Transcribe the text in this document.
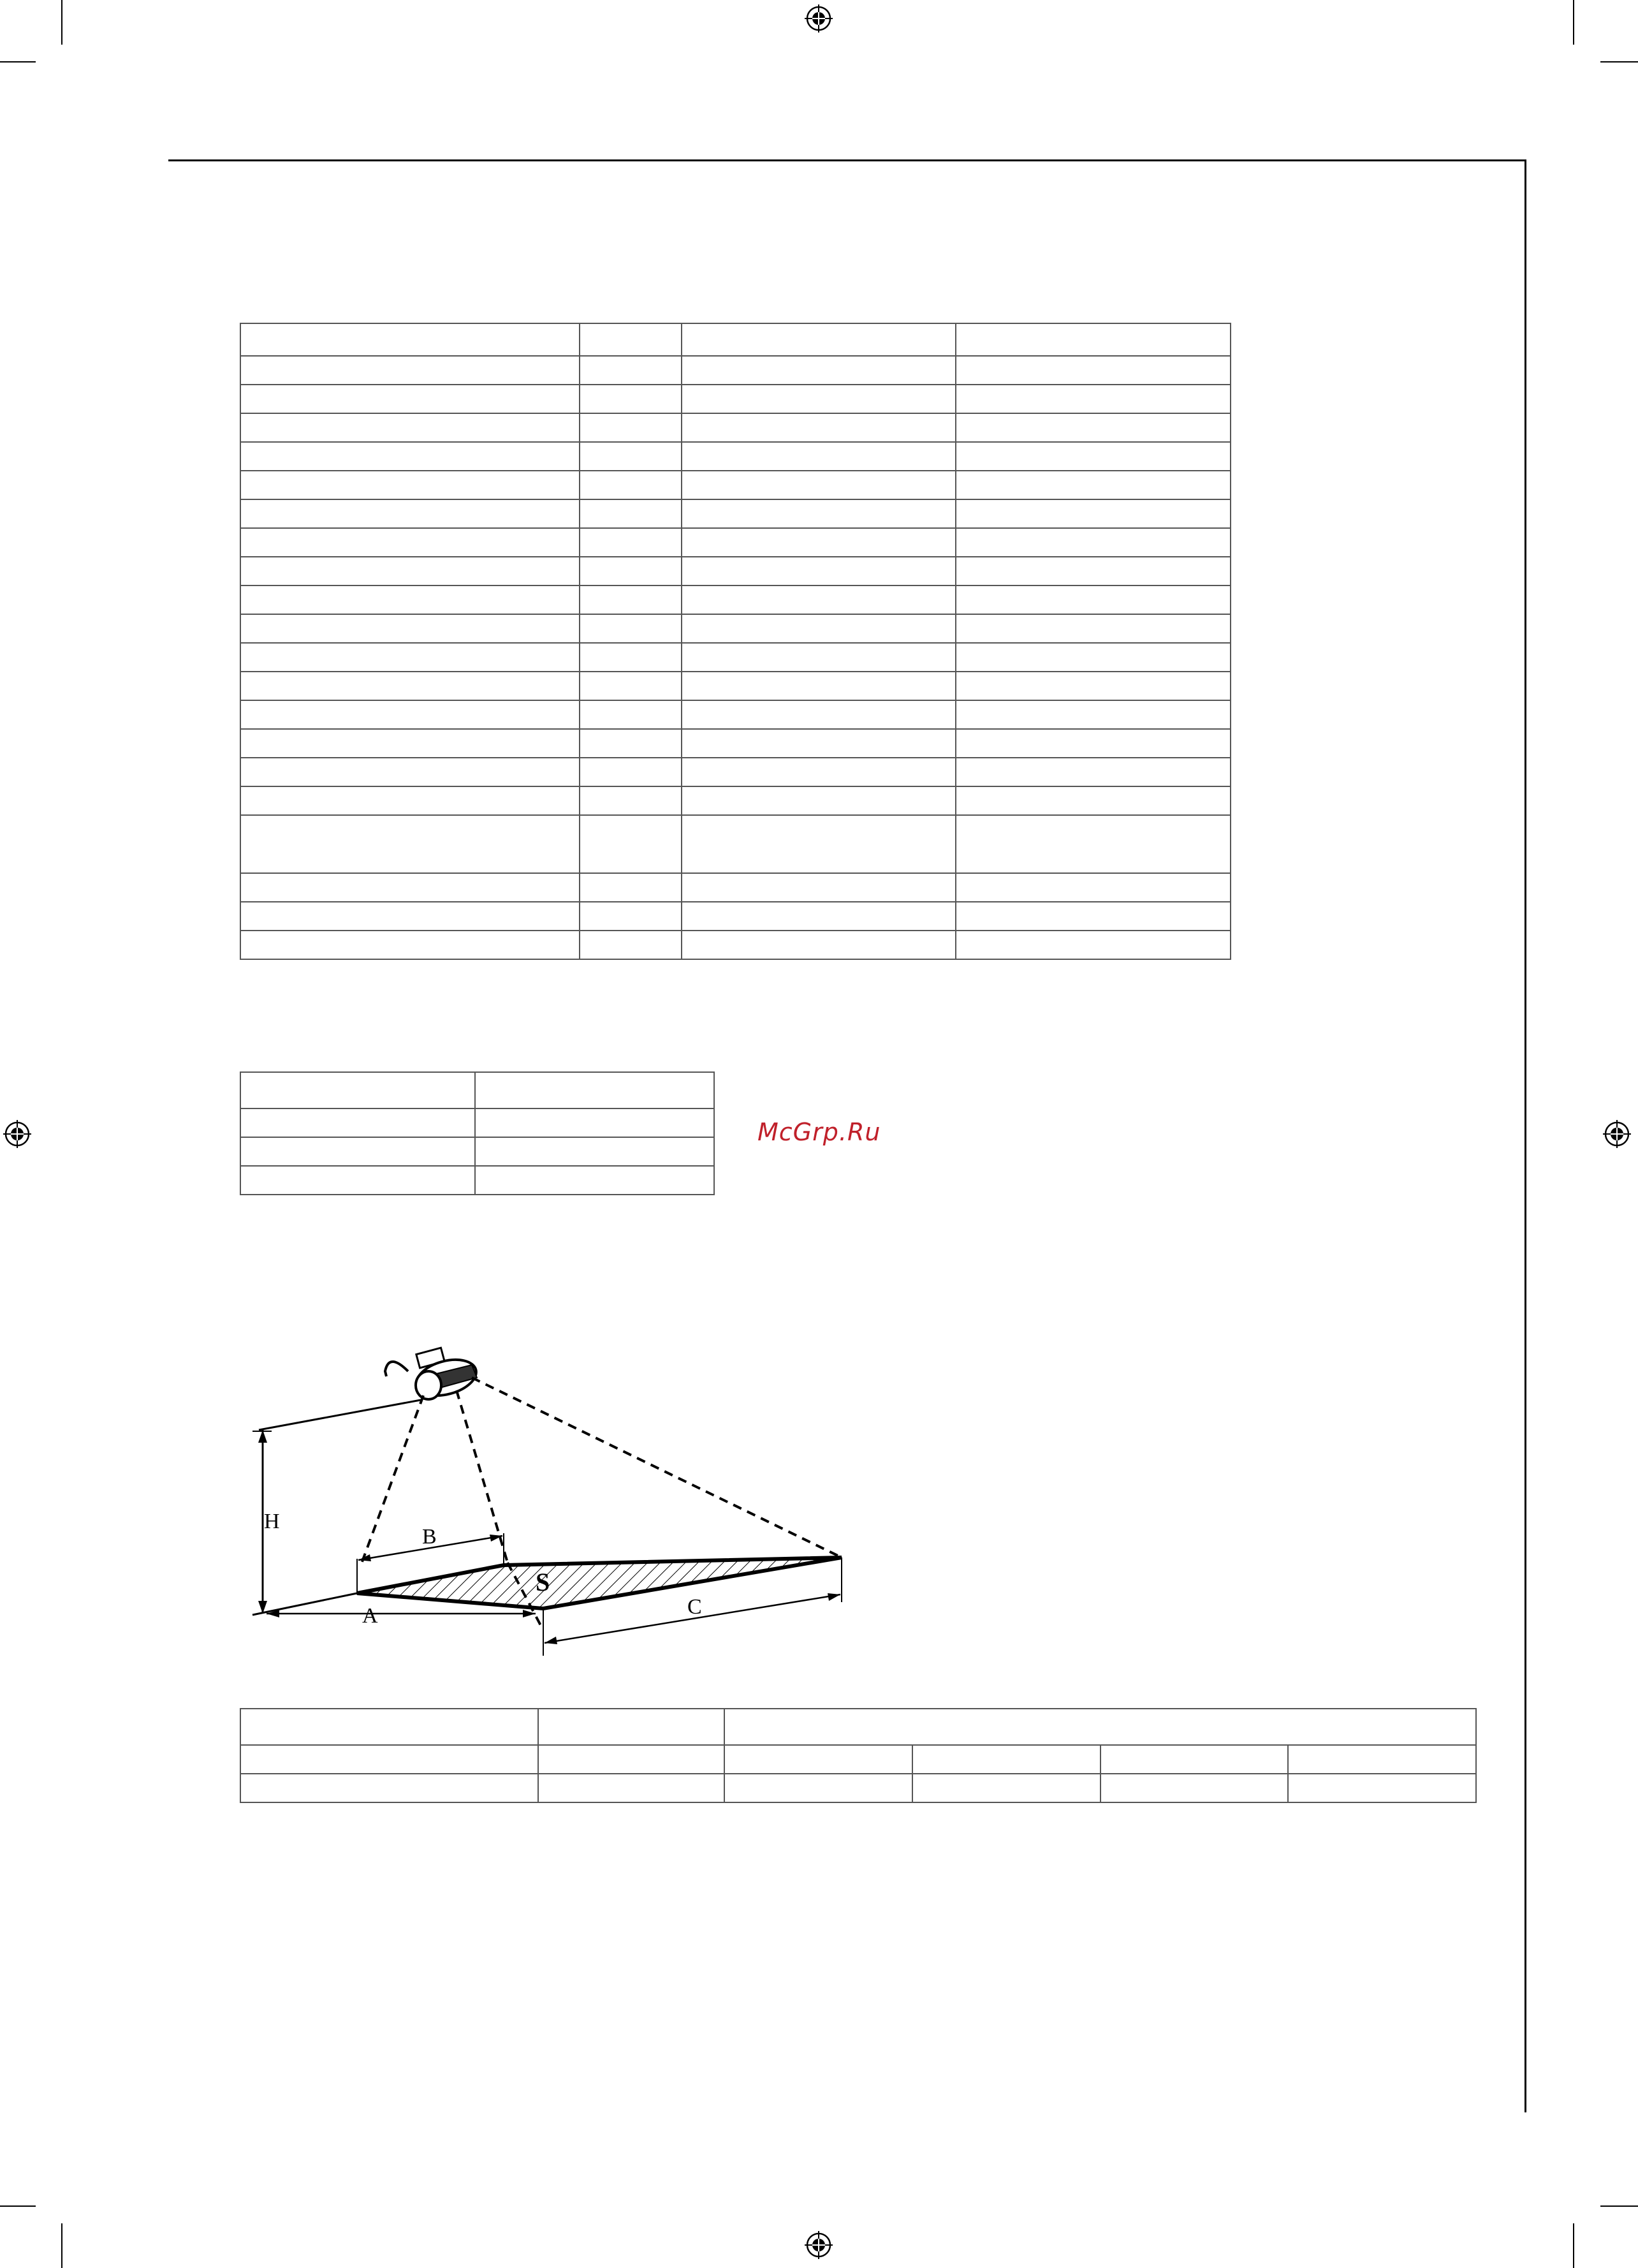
McGrp.Ru
H
B
A
S
C
